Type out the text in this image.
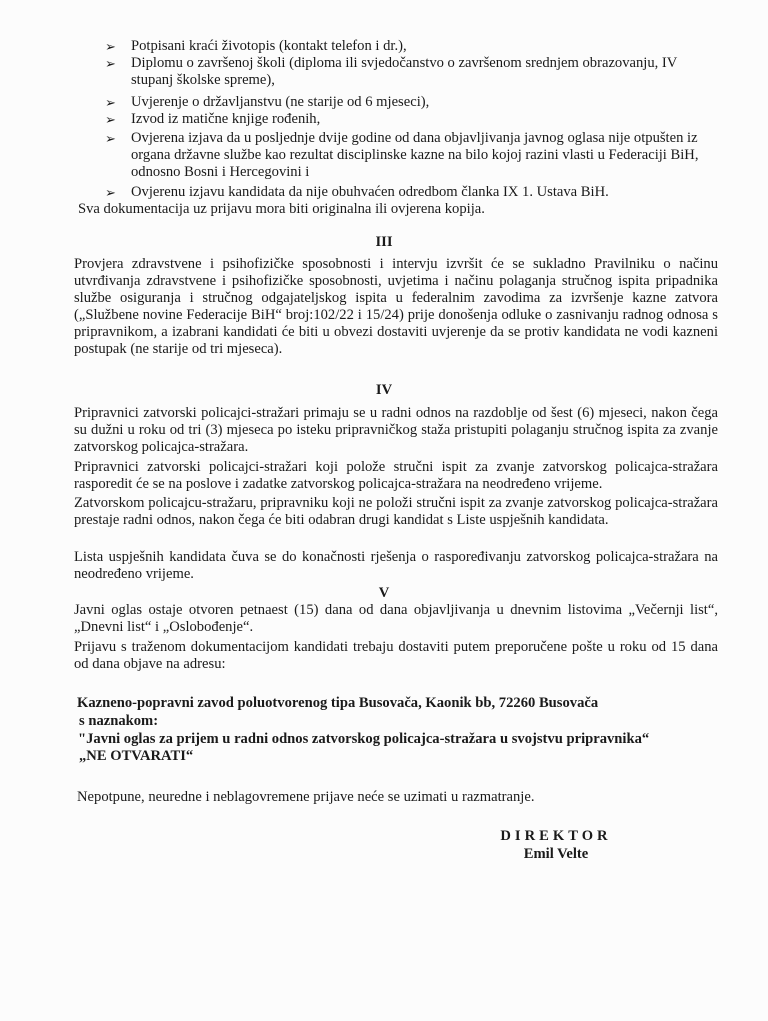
➢ Potpisani kraći životopis (kontakt telefon i dr.),
➢ Diplomu o završenoj školi (diploma ili svjedočanstvo o završenom srednjem obrazovanju, IV stupanj školske spreme),
➢ Uvjerenje o državljanstvu (ne starije od 6 mjeseci),
➢ Izvod iz matične knjige rođenih,
➢ Ovjerena izjava da u posljednje dvije godine od dana objavljivanja javnog oglasa nije otpušten iz organa državne službe kao rezultat disciplinske kazne na bilo kojoj razini vlasti u Federaciji BiH, odnosno Bosni i Hercegovini i
➢ Ovjerenu izjavu kandidata da nije obuhvaćen odredbom članka IX 1. Ustava BiH.

Sva dokumentacija uz prijavu mora biti originalna ili ovjerena kopija.

III

Provjera zdravstvene i psihofizičke sposobnosti i intervju izvršit će se sukladno Pravilniku o načinu utvrđivanja zdravstvene i psihofizičke sposobnosti, uvjetima i načinu polaganja stručnog ispita pripadnika službe osiguranja i stručnog odgajateljskog ispita u federalnim zavodima za izvršenje kazne zatvora („Službene novine Federacije BiH“ broj:102/22 i 15/24) prije donošenja odluke o zasnivanju radnog odnosa s pripravnikom, a izabrani kandidati će biti u obvezi dostaviti uvjerenje da se protiv kandidata ne vodi kazneni postupak (ne starije od tri mjeseca).

IV

Pripravnici zatvorski policajci-stražari primaju se u radni odnos na razdoblje od šest (6) mjeseci, nakon čega su dužni u roku od tri (3) mjeseca po isteku pripravničkog staža pristupiti polaganju stručnog ispita za zvanje zatvorskog policajca-stražara.

Pripravnici zatvorski policajci-stražari koji polože stručni ispit za zvanje zatvorskog policajca-stražara rasporedit će se na poslove i zadatke zatvorskog policajca-stražara na neodređeno vrijeme.

Zatvorskom policajcu-stražaru, pripravniku koji ne položi stručni ispit za zvanje zatvorskog policajca-stražara prestaje radni odnos, nakon čega će biti odabran drugi kandidat s Liste uspješnih kandidata.

Lista uspješnih kandidata čuva se do konačnosti rješenja o raspoređivanju zatvorskog policajca-stražara na neodređeno vrijeme.

V

Javni oglas ostaje otvoren petnaest (15) dana od dana objavljivanja u dnevnim listovima „Večernji list“, „Dnevni list“ i „Oslobođenje“.

Prijavu s traženom dokumentacijom kandidati trebaju dostaviti putem preporučene pošte u roku od 15 dana od dana objave na adresu:

Kazneno-popravni zavod poluotvorenog tipa Busovača, Kaonik bb, 72260 Busovača

s naznakom:

"Javni oglas za prijem u radni odnos zatvorskog policajca-stražara u svojstvu pripravnika“

„NE OTVARATI“

Nepotpune, neuredne i neblagovremene prijave neće se uzimati u razmatranje.

DIREKTOR

Emil Velte
